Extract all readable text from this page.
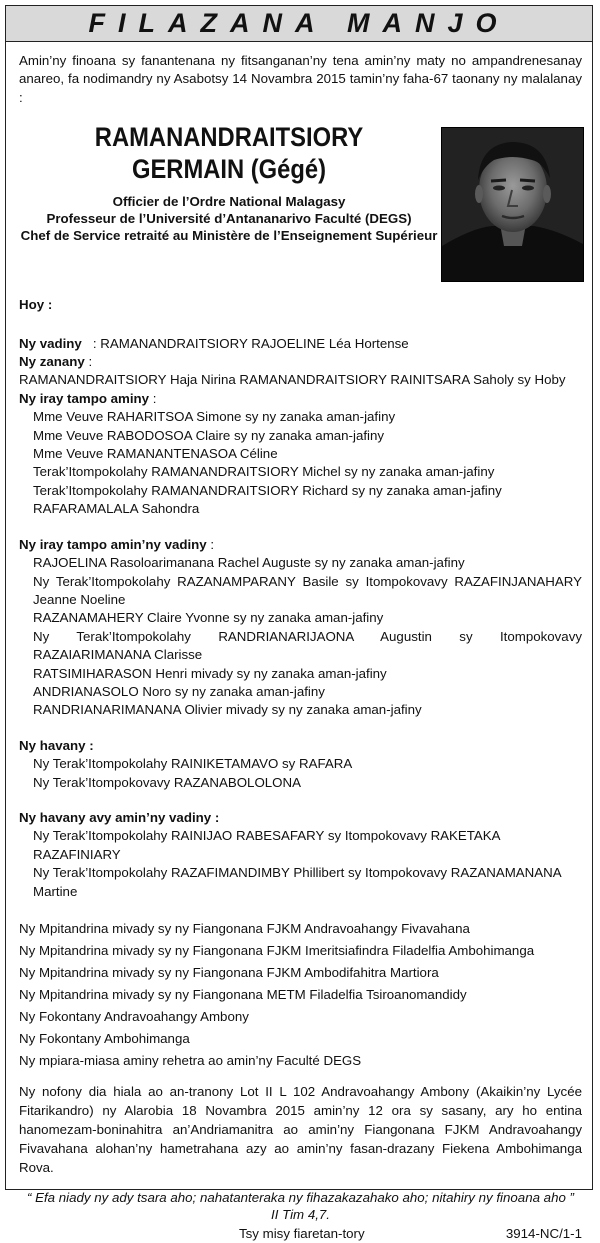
FILAZANA MANJO

Amin’ny finoana sy fanantenana ny fitsanganan’ny tena amin’ny maty no ampandrenesanay anareo, fa nodimandry ny Asabotsy 14 Novambra 2015 tamin’ny faha-67 taonany ny malalanay :

RAMANANDRAITSIORY
GERMAIN (Gégé)
Officier de l’Ordre National Malagasy
Professeur de l’Université d’Antananarivo Faculté (DEGS)
Chef de Service retraité au Ministère de l’Enseignement Supérieur

Hoy :

Ny vadiny : RAMANANDRAITSIORY RAJOELINE Léa Hortense

Ny zanany :

RAMANANDRAITSIORY Haja Nirina RAMANANDRAITSIORY RAINITSARA Saholy sy Hoby

Ny iray tampo aminy :

Mme Veuve RAHARITSOA Simone sy ny zanaka aman-jafiny

Mme Veuve RABODOSOA Claire sy ny zanaka aman-jafiny

Mme Veuve RAMANANTENASOA Céline

Terak’Itompokolahy RAMANANDRAITSIORY Michel sy ny zanaka aman-jafiny

Terak’Itompokolahy RAMANANDRAITSIORY Richard sy ny zanaka aman-jafiny

RAFARAMALALA Sahondra

Ny iray tampo amin’ny vadiny :

RAJOELINA Rasoloarimanana Rachel Auguste sy ny zanaka aman-jafiny

Ny Terak’Itompokolahy RAZANAMPARANY Basile sy Itompokovavy RAZAFINJANAHARY Jeanne Noeline

RAZANAMAHERY Claire Yvonne sy ny zanaka aman-jafiny

Ny Terak’Itompokolahy RANDRIANARIJAONA Augustin sy Itompokovavy RAZAIARIMANANA Clarisse

RATSIMIHARASON Henri mivady sy ny zanaka aman-jafiny

ANDRIANASOLO Noro sy ny zanaka aman-jafiny

RANDRIANARIMANANA Olivier mivady sy ny zanaka aman-jafiny

Ny havany :

Ny Terak’Itompokolahy RAINIKETAMAVO sy RAFARA

Ny Terak’Itompokovavy RAZANABOLOLONA

Ny havany avy amin’ny vadiny :

Ny Terak’Itompokolahy RAINIJAO RABESAFARY sy Itompokovavy RAKETAKA RAZAFINIARY

Ny Terak’Itompokolahy RAZAFIMANDIMBY Phillibert sy Itompokovavy RAZANAMANANA Martine

Ny Mpitandrina mivady sy ny Fiangonana FJKM Andravoahangy Fivavahana

Ny Mpitandrina mivady sy ny Fiangonana FJKM Imeritsiafindra Filadelfia Ambohimanga

Ny Mpitandrina mivady sy ny Fiangonana FJKM Ambodifahitra Martiora

Ny Mpitandrina mivady sy ny Fiangonana METM Filadelfia Tsiroanomandidy

Ny Fokontany Andravoahangy Ambony

Ny Fokontany Ambohimanga

Ny mpiara-miasa aminy rehetra ao amin’ny Faculté DEGS

Ny nofony dia hiala ao an-tranony Lot II L 102 Andravoahangy Ambony (Akaikin’ny Lycée Fitarikandro) ny Alarobia 18 Novambra 2015 amin’ny 12 ora sy sasany, ary ho entina hanomezam-boninahitra an’Andriamanitra ao amin’ny Fiangonana FJKM Andravoahangy Fivavahana alohan’ny hametrahana azy ao amin’ny fasan-drazany Fiekena Ambohimanga Rova.

“ Efa niady ny ady tsara aho; nahatanteraka ny fihazakazahako aho; nitahiry ny finoana aho ”
II Tim 4,7.

Tsy misy fiaretan-tory	3914-NC/1-1
